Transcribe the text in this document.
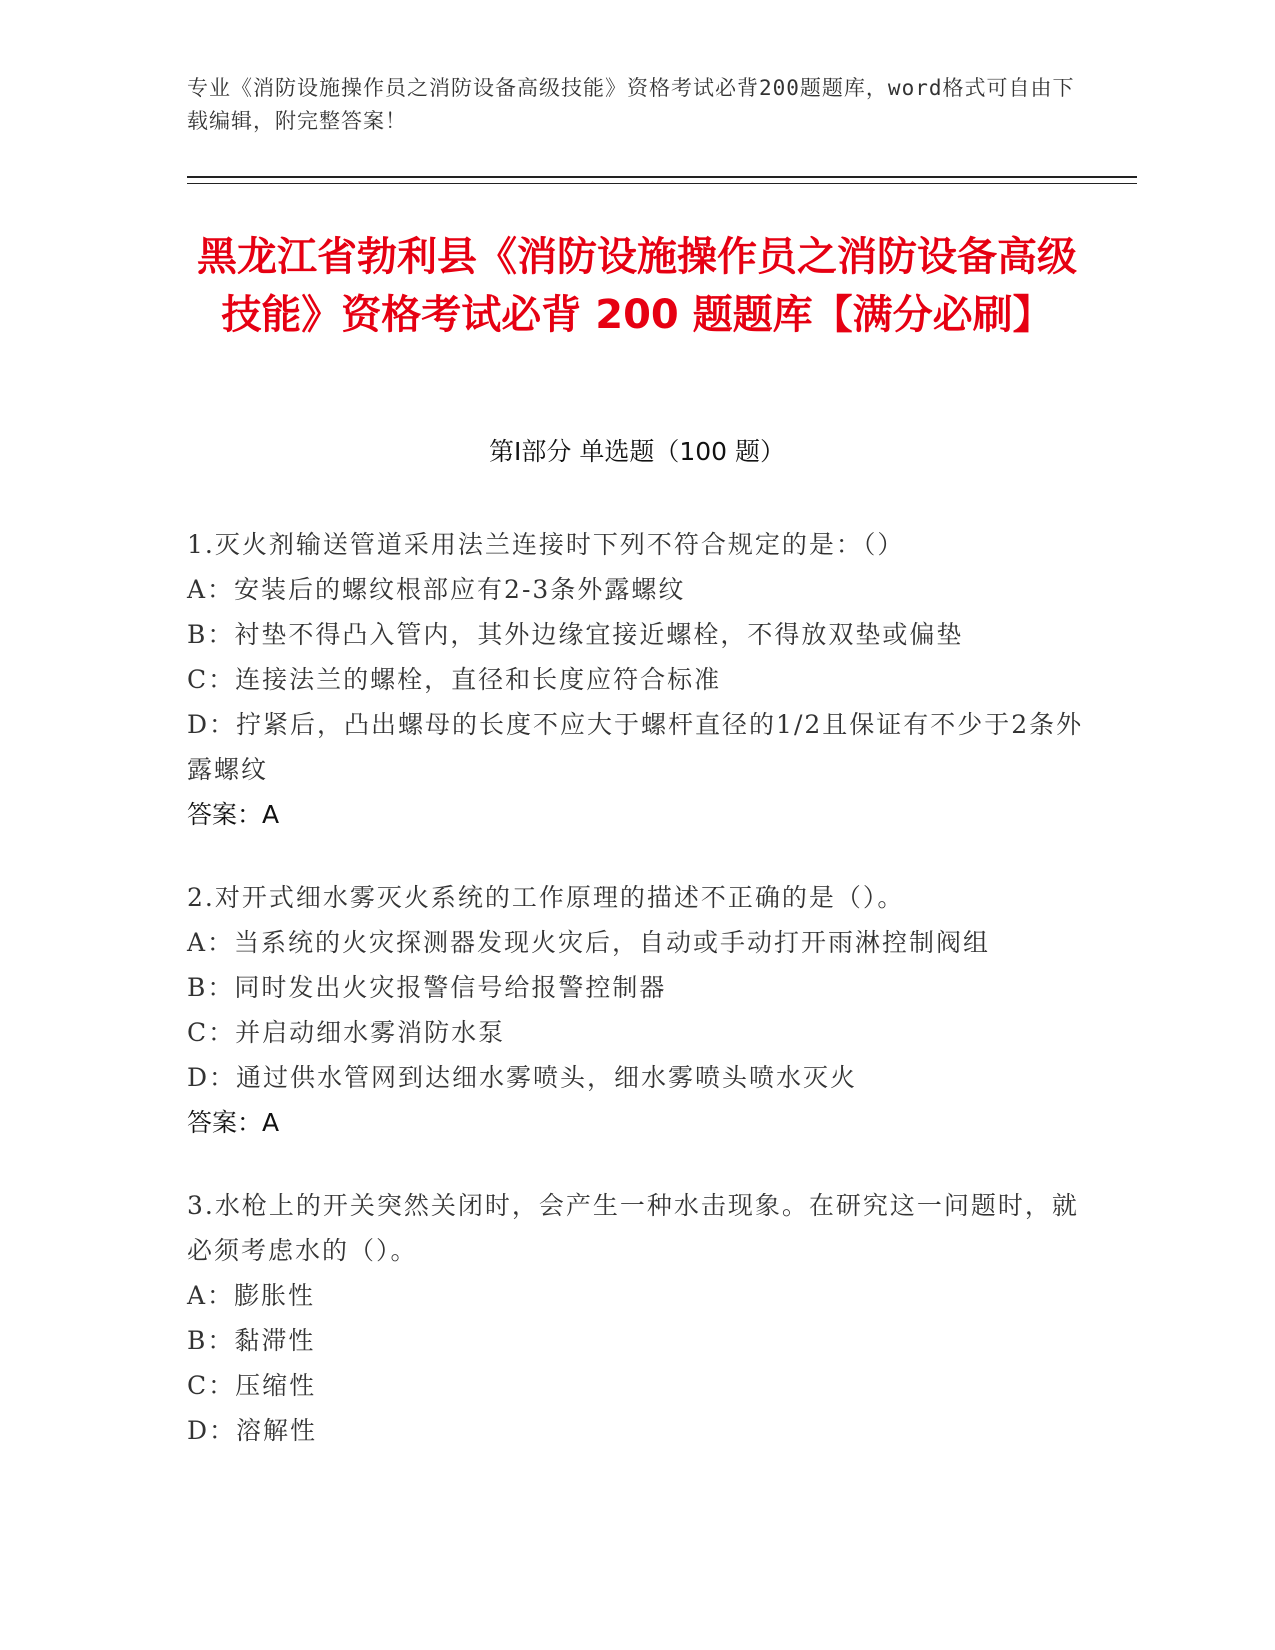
专业《消防设施操作员之消防设备高级技能》资格考试必背200题题库，word格式可自由下载编辑，附完整答案！
黑龙江省勃利县《消防设施操作员之消防设备高级技能》资格考试必背 200 题题库【满分必刷】
第Ⅰ部分 单选题（100 题）
1.灭火剂输送管道采用法兰连接时下列不符合规定的是：（）
A：安装后的螺纹根部应有2-3条外露螺纹
B：衬垫不得凸入管内，其外边缘宜接近螺栓，不得放双垫或偏垫
C：连接法兰的螺栓，直径和长度应符合标准
D：拧紧后，凸出螺母的长度不应大于螺杆直径的1/2且保证有不少于2条外露螺纹
答案：A
2.对开式细水雾灭火系统的工作原理的描述不正确的是（）。
A：当系统的火灾探测器发现火灾后，自动或手动打开雨淋控制阀组
B：同时发出火灾报警信号给报警控制器
C：并启动细水雾消防水泵
D：通过供水管网到达细水雾喷头，细水雾喷头喷水灭火
答案：A
3.水枪上的开关突然关闭时，会产生一种水击现象。在研究这一问题时，就必须考虑水的（）。
A：膨胀性
B：黏滞性
C：压缩性
D：溶解性
